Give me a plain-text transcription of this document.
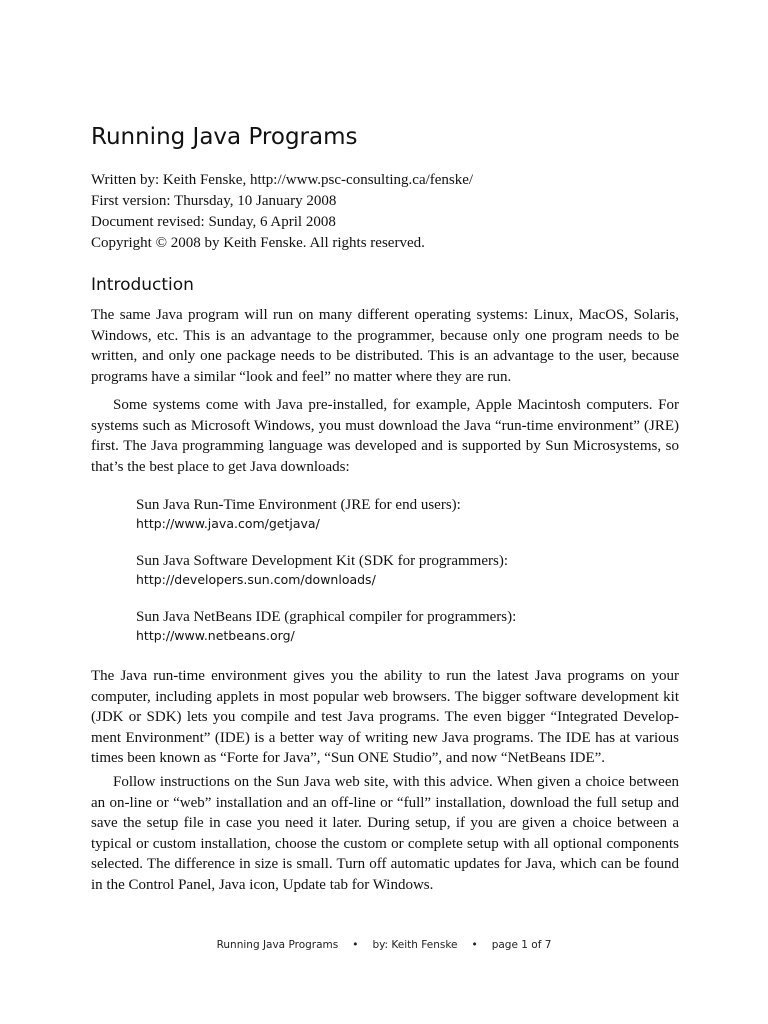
Running Java Programs
Written by: Keith Fenske, http://www.psc-consulting.ca/fenske/
First version: Thursday, 10 January 2008
Document revised: Sunday, 6 April 2008
Copyright © 2008 by Keith Fenske. All rights reserved.
Introduction

The same Java program will run on many different operating systems: Linux, MacOS, Solaris, Windows, etc. This is an advantage to the programmer, because only one program needs to be written, and only one package needs to be distributed. This is an advantage to the user, because programs have a similar “look and feel” no matter where they are run.

Some systems come with Java pre-installed, for example, Apple Macintosh computers. For systems such as Microsoft Windows, you must download the Java “run-time environment” (JRE) first. The Java programming language was developed and is supported by Sun Microsystems, so that’s the best place to get Java downloads:

Sun Java Run-Time Environment (JRE for end users):
http://www.java.com/getjava/
Sun Java Software Development Kit (SDK for programmers):
http://developers.sun.com/downloads/
Sun Java NetBeans IDE (graphical compiler for programmers):
http://www.netbeans.org/

The Java run-time environment gives you the ability to run the latest Java programs on your computer, including applets in most popular web browsers. The bigger software development kit (JDK or SDK) lets you compile and test Java programs. The even bigger “Integrated Development Environment” (IDE) is a better way of writing new Java programs. The IDE has at various times been known as “Forte for Java”, “Sun ONE Studio”, and now “NetBeans IDE”.

Follow instructions on the Sun Java web site, with this advice. When given a choice between an on-line or “web” installation and an off-line or “full” installation, download the full setup and save the setup file in case you need it later. During setup, if you are given a choice between a typical or custom installation, choose the custom or complete setup with all optional components selected. The difference in size is small. Turn off automatic updates for Java, which can be found in the Control Panel, Java icon, Update tab for Windows.

Running Java Programs • by: Keith Fenske • page 1 of 7
